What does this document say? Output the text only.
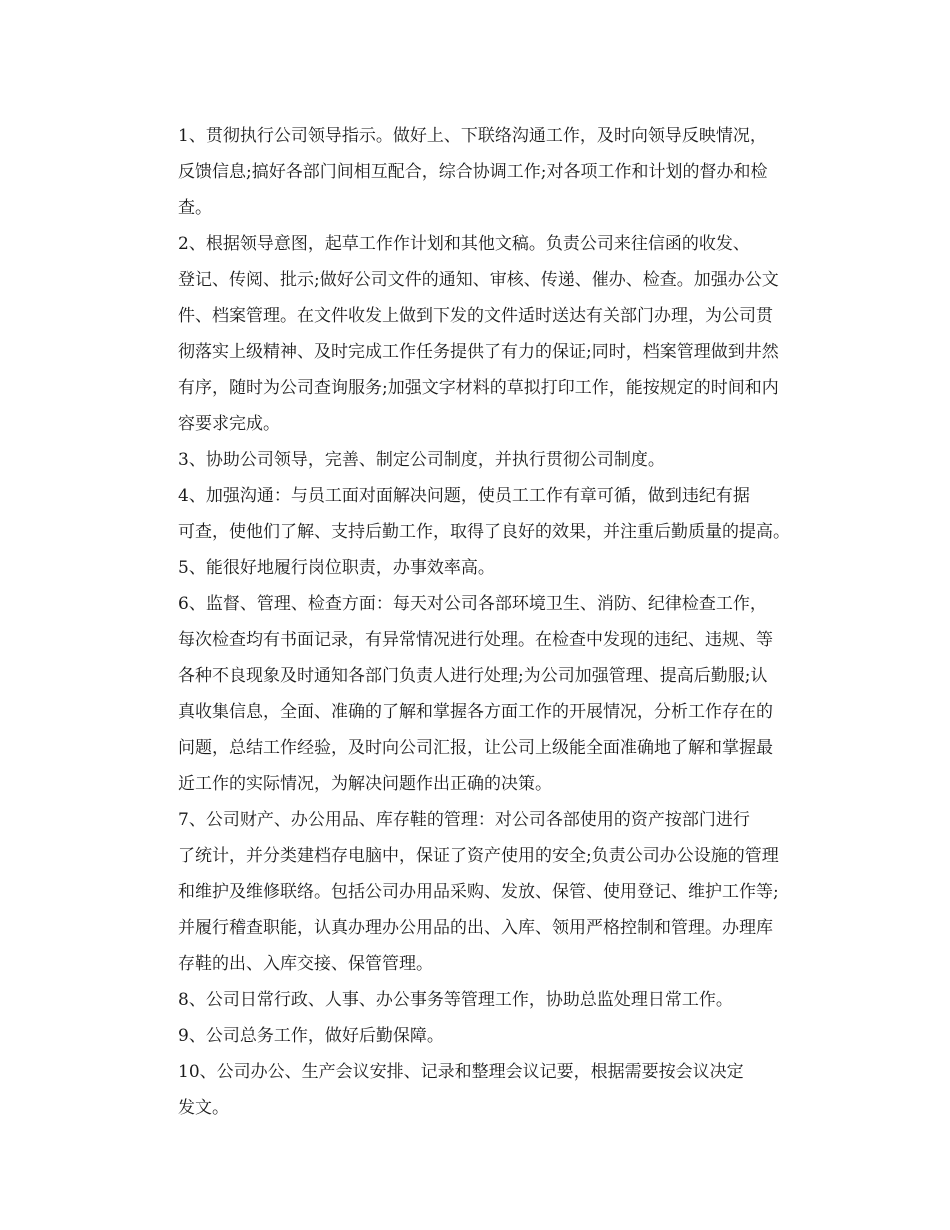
1、贯彻执行公司领导指示。做好上、下联络沟通工作，及时向领导反映情况，
反馈信息;搞好各部门间相互配合，综合协调工作;对各项工作和计划的督办和检
查。

2、根据领导意图，起草工作作计划和其他文稿。负责公司来往信函的收发、
登记、传阅、批示;做好公司文件的通知、审核、传递、催办、检查。加强办公文
件、档案管理。在文件收发上做到下发的文件适时送达有关部门办理，为公司贯
彻落实上级精神、及时完成工作任务提供了有力的保证;同时，档案管理做到井然
有序，随时为公司查询服务;加强文字材料的草拟打印工作，能按规定的时间和内
容要求完成。

3、协助公司领导，完善、制定公司制度，并执行贯彻公司制度。

4、加强沟通：与员工面对面解决问题，使员工工作有章可循，做到违纪有据
可查，使他们了解、支持后勤工作，取得了良好的效果，并注重后勤质量的提高。

5、能很好地履行岗位职责，办事效率高。

6、监督、管理、检查方面：每天对公司各部环境卫生、消防、纪律检查工作，
每次检查均有书面记录，有异常情况进行处理。在检查中发现的违纪、违规、等
各种不良现象及时通知各部门负责人进行处理;为公司加强管理、提高后勤服;认
真收集信息，全面、准确的了解和掌握各方面工作的开展情况，分析工作存在的
问题，总结工作经验，及时向公司汇报，让公司上级能全面准确地了解和掌握最
近工作的实际情况，为解决问题作出正确的决策。

7、公司财产、办公用品、库存鞋的管理：对公司各部使用的资产按部门进行
了统计，并分类建档存电脑中，保证了资产使用的安全;负责公司办公设施的管理
和维护及维修联络。包括公司办用品采购、发放、保管、使用登记、维护工作等;
并履行稽查职能，认真办理办公用品的出、入库、领用严格控制和管理。办理库
存鞋的出、入库交接、保管管理。

8、公司日常行政、人事、办公事务等管理工作，协助总监处理日常工作。

9、公司总务工作，做好后勤保障。

10、公司办公、生产会议安排、记录和整理会议记要，根据需要按会议决定
发文。
